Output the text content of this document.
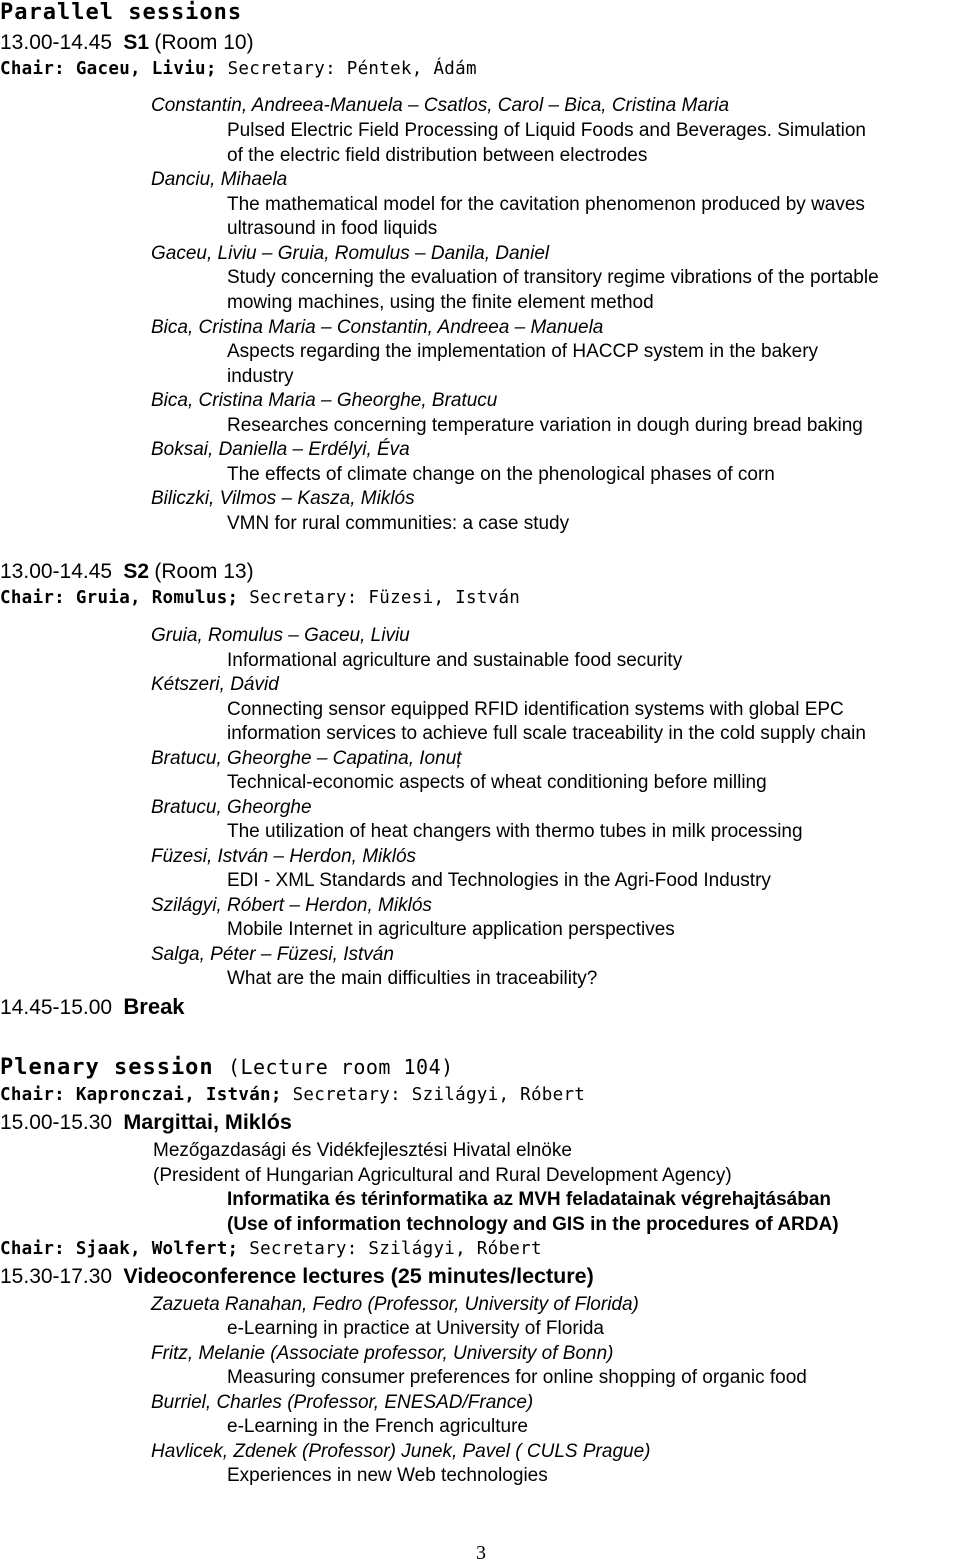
Parallel sessions
13.00-14.45 S1 (Room 10)
Chair: Gaceu, Liviu; Secretary: Péntek, Ádám
Constantin, Andreea-Manuela – Csatlos, Carol – Bica, Cristina Maria
Pulsed Electric Field Processing of Liquid Foods and Beverages. Simulation
of the electric field distribution between electrodes
Danciu, Mihaela
The mathematical model for the cavitation phenomenon produced by waves
ultrasound in food liquids
Gaceu, Liviu – Gruia, Romulus – Danila, Daniel
Study concerning the evaluation of transitory regime vibrations of the portable
mowing machines, using the finite element method
Bica, Cristina Maria – Constantin, Andreea – Manuela
Aspects regarding the implementation of HACCP system in the bakery
industry
Bica, Cristina Maria – Gheorghe, Bratucu
Researches concerning temperature variation in dough during bread baking
Boksai, Daniella – Erdélyi, Éva
The effects of climate change on the phenological phases of corn
Biliczki, Vilmos – Kasza, Miklós
VMN for rural communities: a case study
13.00-14.45 S2 (Room 13)
Chair: Gruia, Romulus; Secretary: Füzesi, István
Gruia, Romulus – Gaceu, Liviu
Informational agriculture and sustainable food security
Kétszeri, Dávid
Connecting sensor equipped RFID identification systems with global EPC
information services to achieve full scale traceability in the cold supply chain
Bratucu, Gheorghe – Capatina, Ionuț
Technical-economic aspects of wheat conditioning before milling
Bratucu, Gheorghe
The utilization of heat changers with thermo tubes in milk processing
Füzesi, István – Herdon, Miklós
EDI - XML Standards and Technologies in the Agri-Food Industry
Szilágyi, Róbert – Herdon, Miklós
Mobile Internet in agriculture application perspectives
Salga, Péter – Füzesi, István
What are the main difficulties in traceability?
14.45-15.00 Break
Plenary session (Lecture room 104)
Chair: Kapronczai, István; Secretary: Szilágyi, Róbert
15.00-15.30 Margittai, Miklós
Mezőgazdasági és Vidékfejlesztési Hivatal elnöke
(President of Hungarian Agricultural and Rural Development Agency)
Informatika és térinformatika az MVH feladatainak végrehajtásában
(Use of information technology and GIS in the procedures of ARDA)
Chair: Sjaak, Wolfert; Secretary: Szilágyi, Róbert
15.30-17.30 Videoconference lectures (25 minutes/lecture)
Zazueta Ranahan, Fedro (Professor, University of Florida)
e-Learning in practice at University of Florida
Fritz, Melanie (Associate professor, University of Bonn)
Measuring consumer preferences for online shopping of organic food
Burriel, Charles (Professor, ENESAD/France)
e-Learning in the French agriculture
Havlicek, Zdenek (Professor) Junek, Pavel ( CULS Prague)
Experiences in new Web technologies
3
